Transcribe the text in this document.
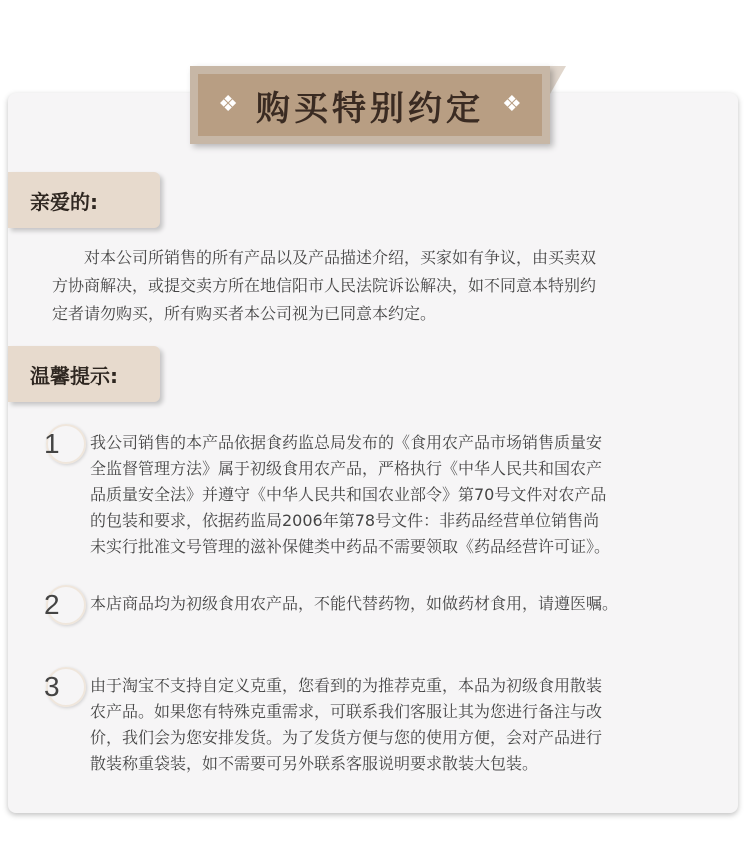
❖ 购买特别约定 ❖
亲爱的:
对本公司所销售的所有产品以及产品描述介绍，买家如有争议，由买卖双
方协商解决，或提交卖方所在地信阳市人民法院诉讼解决，如不同意本特别约
定者请勿购买，所有购买者本公司视为已同意本约定。
温馨提示:
1	我公司销售的本产品依据食药监总局发布的《食用农产品市场销售质量安
全监督管理方法》属于初级食用农产品，严格执行《中华人民共和国农产
品质量安全法》并遵守《中华人民共和国农业部令》第70号文件对农产品
的包装和要求，依据药监局2006年第78号文件：非药品经营单位销售尚
未实行批准文号管理的滋补保健类中药品不需要领取《药品经营许可证》。
2	本店商品均为初级食用农产品，不能代替药物，如做药材食用，请遵医嘱。
3	由于淘宝不支持自定义克重，您看到的为推荐克重，本品为初级食用散装
农产品。如果您有特殊克重需求，可联系我们客服让其为您进行备注与改
价，我们会为您安排发货。为了发货方便与您的使用方便，会对产品进行
散装称重袋装，如不需要可另外联系客服说明要求散装大包装。
